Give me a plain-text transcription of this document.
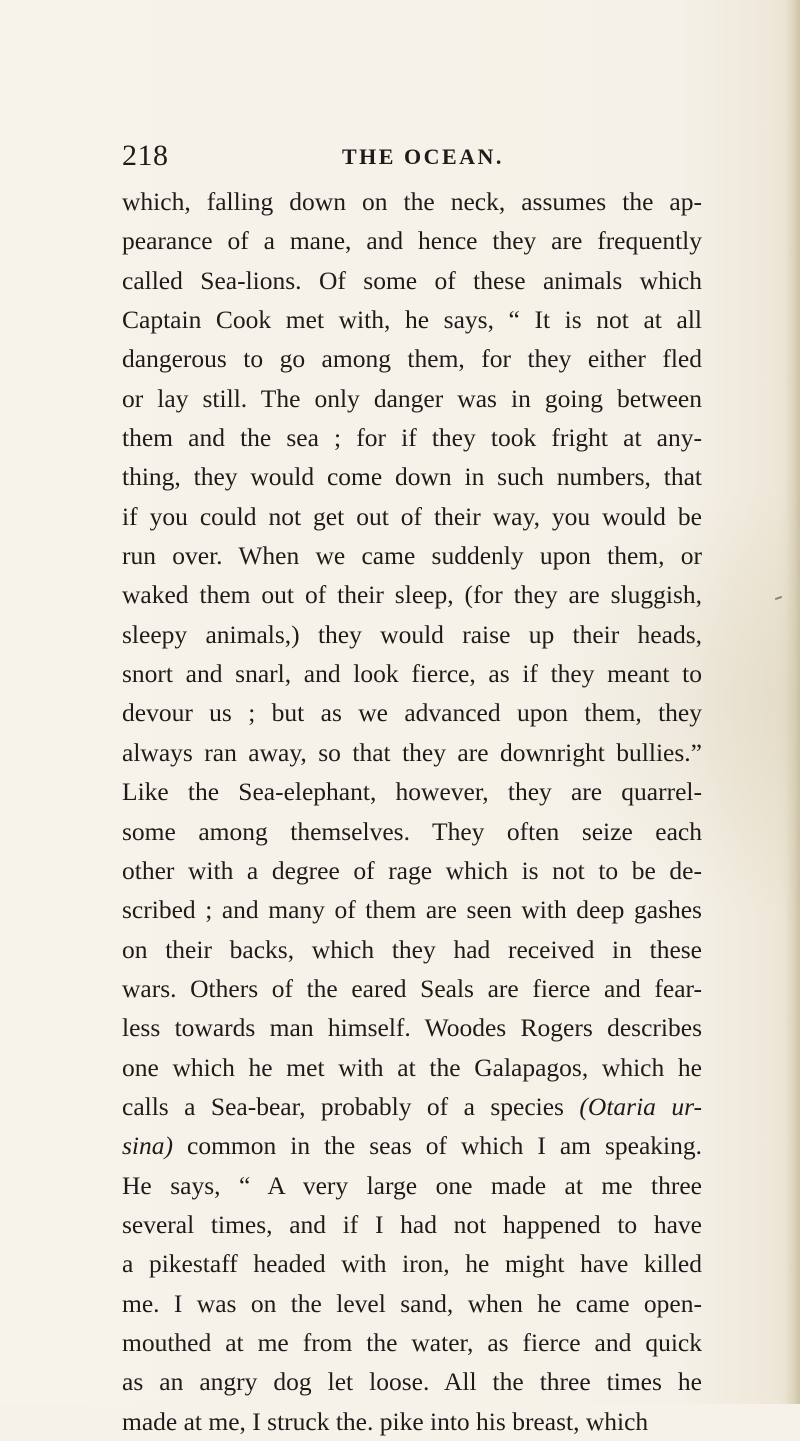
218	THE OCEAN.
which, falling down on the neck, assumes the ap-
pearance of a mane, and hence they are frequently
called Sea-lions. Of some of these animals which
Captain Cook met with, he says, “ It is not at all
dangerous to go among them, for they either fled
or lay still. The only danger was in going between
them and the sea ; for if they took fright at any-
thing, they would come down in such numbers, that
if you could not get out of their way, you would be
run over. When we came suddenly upon them, or
waked them out of their sleep, (for they are sluggish,
sleepy animals,) they would raise up their heads,
snort and snarl, and look fierce, as if they meant to
devour us ; but as we advanced upon them, they
always ran away, so that they are downright bullies.”
Like the Sea-elephant, however, they are quarrel-
some among themselves. They often seize each
other with a degree of rage which is not to be de-
scribed ; and many of them are seen with deep gashes
on their backs, which they had received in these
wars. Others of the eared Seals are fierce and fear-
less towards man himself. Woodes Rogers describes
one which he met with at the Galapagos, which he
calls a Sea-bear, probably of a species (Otaria ur-
sina) common in the seas of which I am speaking.
He says, “ A very large one made at me three
several times, and if I had not happened to have
a pikestaff headed with iron, he might have killed
me. I was on the level sand, when he came open-
mouthed at me from the water, as fierce and quick
as an angry dog let loose. All the three times he
made at me, I struck the. pike into his breast, which
